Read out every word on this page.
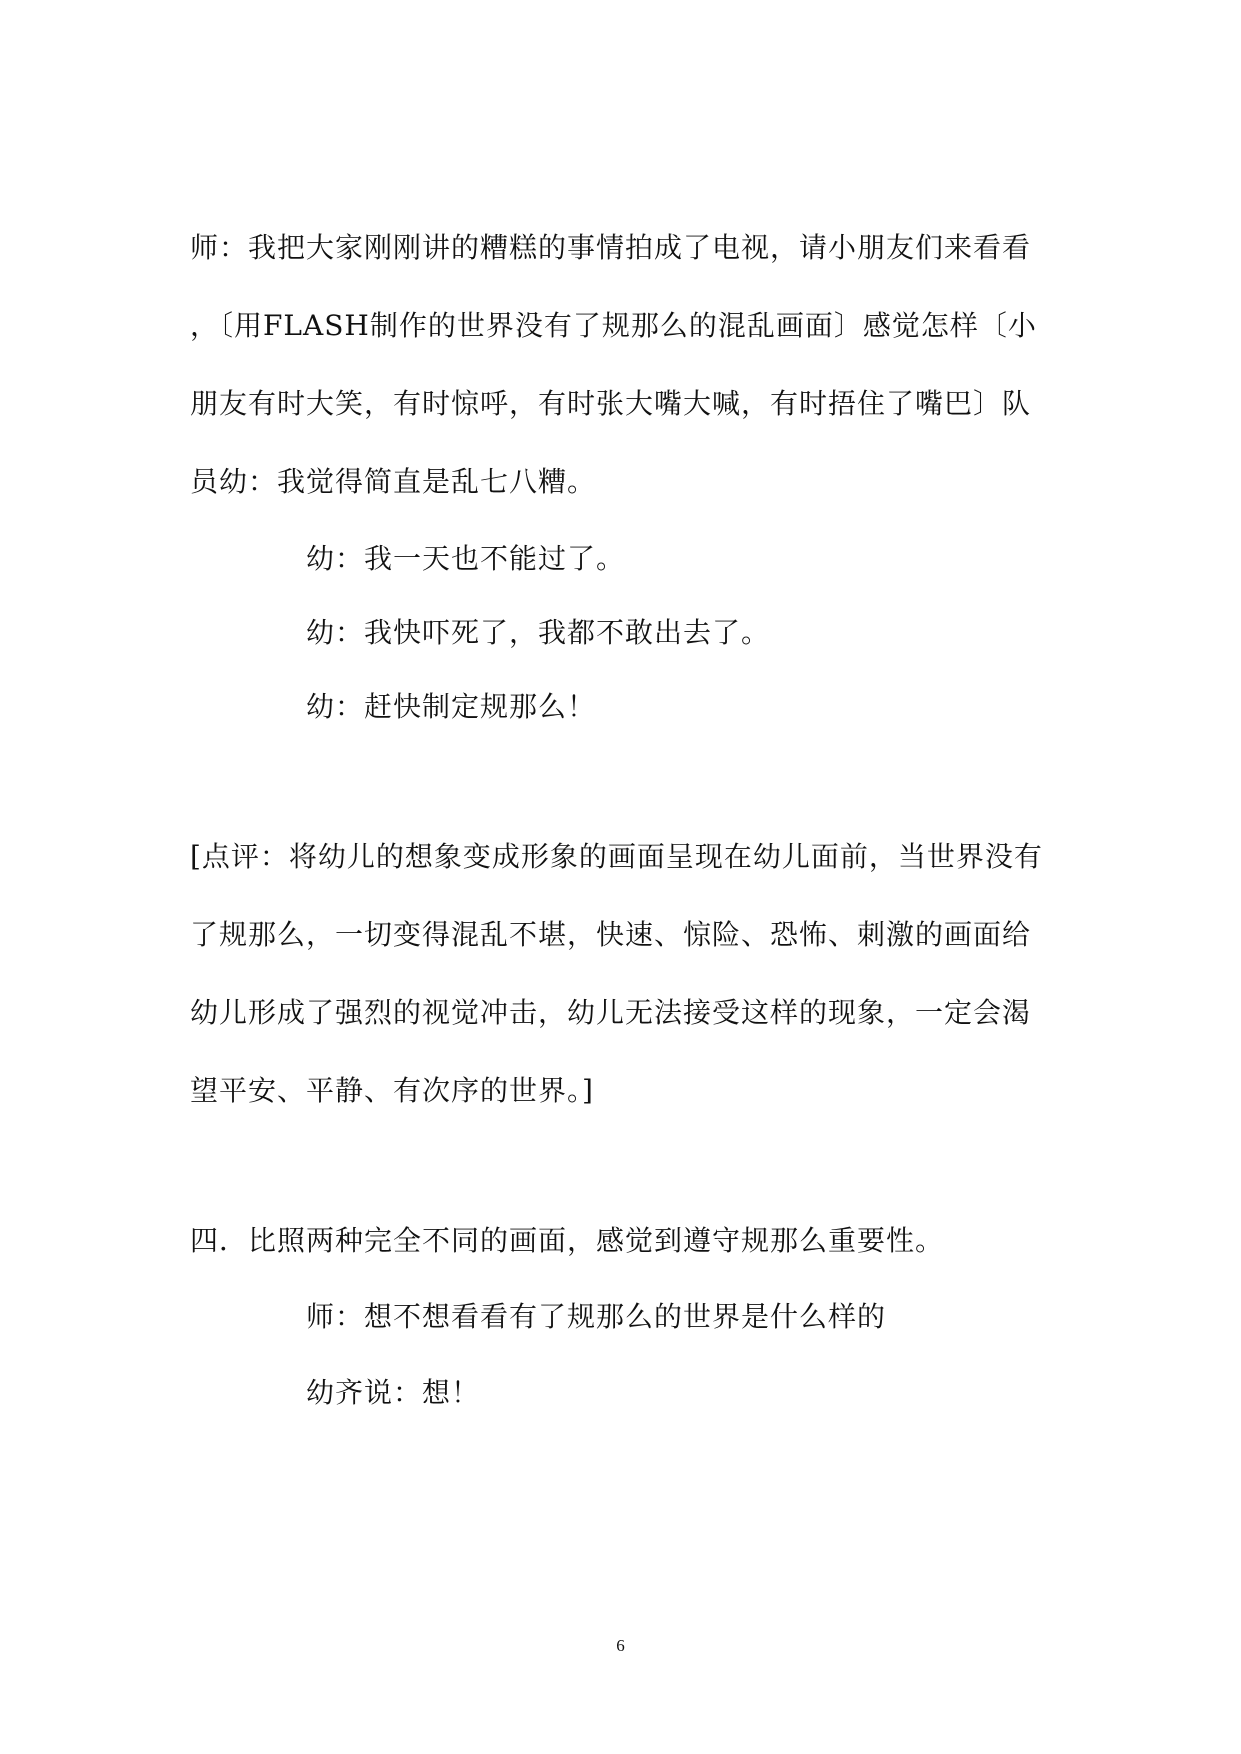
师：我把大家刚刚讲的糟糕的事情拍成了电视，请小朋友们来看看
，〔用FLASH制作的世界没有了规那么的混乱画面〕感觉怎样〔小
朋友有时大笑，有时惊呼，有时张大嘴大喊，有时捂住了嘴巴〕队
员幼：我觉得简直是乱七八糟。
幼：我一天也不能过了。
幼：我快吓死了，我都不敢出去了。
幼：赶快制定规那么！
[点评：将幼儿的想象变成形象的画面呈现在幼儿面前，当世界没有
了规那么，一切变得混乱不堪，快速、惊险、恐怖、刺激的画面给
幼儿形成了强烈的视觉冲击，幼儿无法接受这样的现象，一定会渴
望平安、平静、有次序的世界。]
四．比照两种完全不同的画面，感觉到遵守规那么重要性。
师：想不想看看有了规那么的世界是什么样的
幼齐说：想！
6
